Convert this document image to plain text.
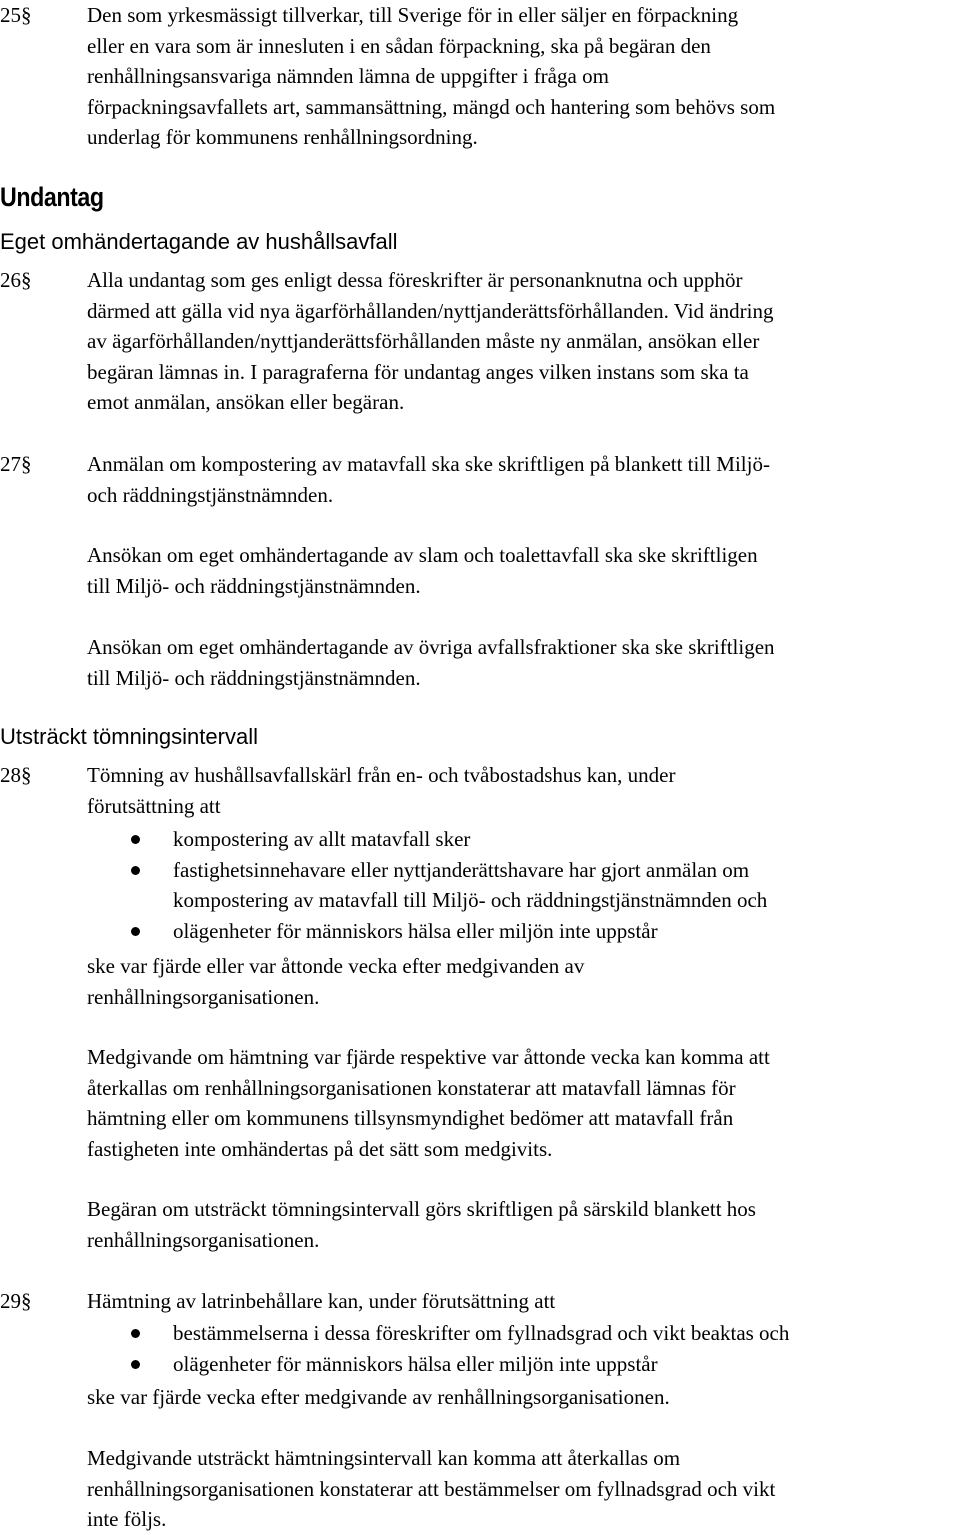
25§	Den som yrkesmässigt tillverkar, till Sverige för in eller säljer en förpackning
eller en vara som är innesluten i en sådan förpackning, ska på begäran den
renhållningsansvariga nämnden lämna de uppgifter i fråga om
förpackningsavfallets art, sammansättning, mängd och hantering som behövs som
underlag för kommunens renhållningsordning.
Undantag
Eget omhändertagande av hushållsavfall
26§	Alla undantag som ges enligt dessa föreskrifter är personanknutna och upphör
därmed att gälla vid nya ägarförhållanden/nyttjanderättsförhållanden. Vid ändring
av ägarförhållanden/nyttjanderättsförhållanden måste ny anmälan, ansökan eller
begäran lämnas in. I paragraferna för undantag anges vilken instans som ska ta
emot anmälan, ansökan eller begäran.
27§	Anmälan om kompostering av matavfall ska ske skriftligen på blankett till Miljö-
och räddningstjänstnämnden.
Ansökan om eget omhändertagande av slam och toalettavfall ska ske skriftligen
till Miljö- och räddningstjänstnämnden.
Ansökan om eget omhändertagande av övriga avfallsfraktioner ska ske skriftligen
till Miljö- och räddningstjänstnämnden.
Utsträckt tömningsintervall
28§	Tömning av hushållsavfallskärl från en- och tvåbostadshus kan, under
förutsättning att
kompostering av allt matavfall sker
fastighetsinnehavare eller nyttjanderättshavare har gjort anmälan om
kompostering av matavfall till Miljö- och räddningstjänstnämnden och
olägenheter för människors hälsa eller miljön inte uppstår
ske var fjärde eller var åttonde vecka efter medgivanden av
renhållningsorganisationen.
Medgivande om hämtning var fjärde respektive var åttonde vecka kan komma att
återkallas om renhållningsorganisationen konstaterar att matavfall lämnas för
hämtning eller om kommunens tillsynsmyndighet bedömer att matavfall från
fastigheten inte omhändertas på det sätt som medgivits.
Begäran om utsträckt tömningsintervall görs skriftligen på särskild blankett hos
renhållningsorganisationen.
29§	Hämtning av latrinbehållare kan, under förutsättning att
bestämmelserna i dessa föreskrifter om fyllnadsgrad och vikt beaktas och
olägenheter för människors hälsa eller miljön inte uppstår
ske var fjärde vecka efter medgivande av renhållningsorganisationen.
Medgivande utsträckt hämtningsintervall kan komma att återkallas om
renhållningsorganisationen konstaterar att bestämmelser om fyllnadsgrad och vikt
inte följs.
